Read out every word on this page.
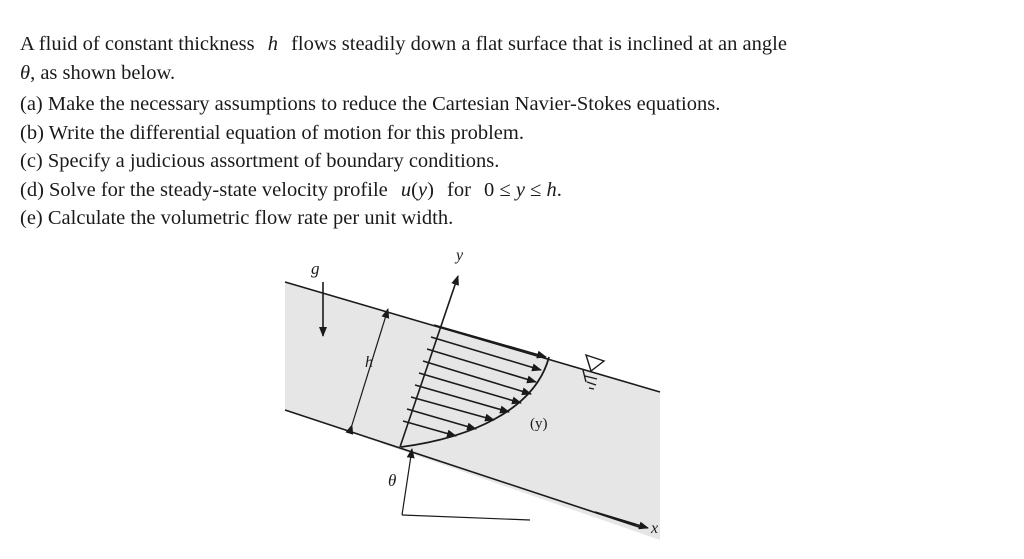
A fluid of constant thickness h flows steadily down a flat surface that is inclined at an angle
θ, as shown below.
(a) Make the necessary assumptions to reduce the Cartesian Navier-Stokes equations.
(b) Write the differential equation of motion for this problem.
(c) Specify a judicious assortment of boundary conditions.
(d) Solve for the steady-state velocity profile u(y) for 0 ≤ y ≤ h.
(e) Calculate the volumetric flow rate per unit width.
x
g
y
h
(y)
θ
